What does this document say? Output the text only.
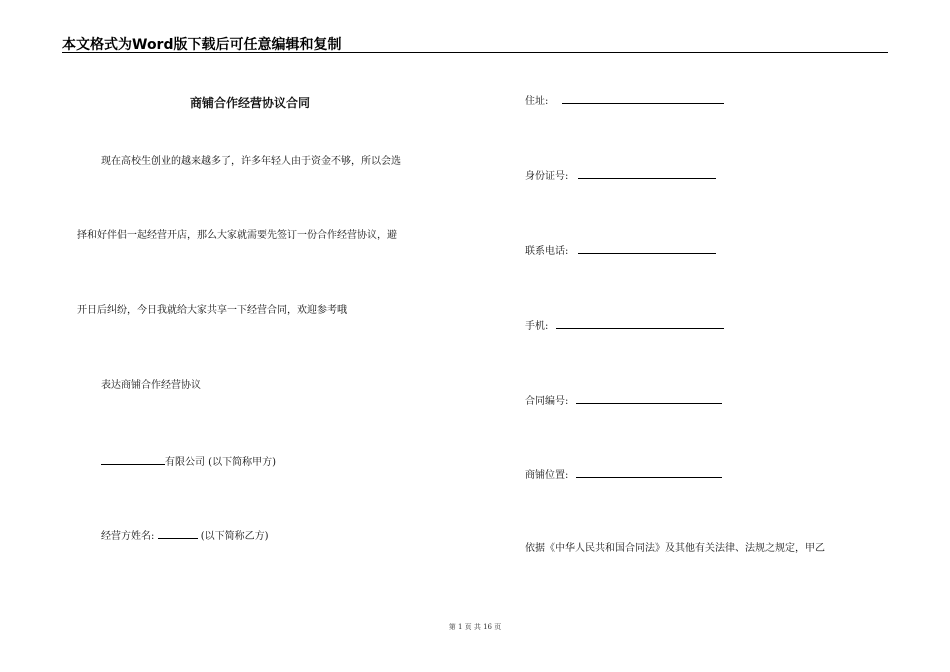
本文格式为Word版下载后可任意编辑和复制
商铺合作经营协议合同
现在高校生创业的越来越多了，许多年轻人由于资金不够，所以会选
择和好伴侣一起经营开店，那么大家就需要先签订一份合作经营协议，避
开日后纠纷，今日我就给大家共享一下经营合同，欢迎参考哦
表达商铺合作经营协议
有限公司 (以下简称甲方)
经营方姓名:	(以下简称乙方)
住址:
身份证号:
联系电话:
手机:
合同编号:
商铺位置:
依据《中华人民共和国合同法》及其他有关法律、法规之规定，甲乙
第 1 页 共 16 页
